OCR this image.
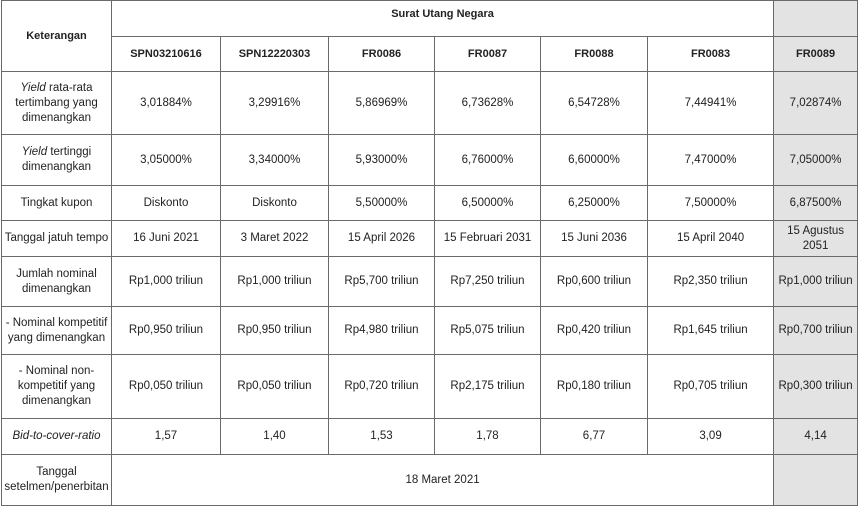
Keterangan	Surat Utang Negara						
	SPN03210616	SPN12220303	FR0086	FR0087	FR0088	FR0083	FR0089
Yield rata-rata tertimbang yang dimenangkan	3,01884%	3,29916%	5,86969%	6,73628%	6,54728%	7,44941%	7,02874%
Yield tertinggi dimenangkan	3,05000%	3,34000%	5,93000%	6,76000%	6,60000%	7,47000%	7,05000%
Tingkat kupon	Diskonto	Diskonto	5,50000%	6,50000%	6,25000%	7,50000%	6,87500%
Tanggal jatuh tempo	16 Juni 2021	3 Maret 2022	15 April 2026	15 Februari 2031	15 Juni 2036	15 April 2040	15 Agustus 2051
Jumlah nominal dimenangkan	Rp1,000 triliun	Rp1,000 triliun	Rp5,700 triliun	Rp7,250 triliun	Rp0,600 triliun	Rp2,350 triliun	Rp1,000 triliun
- Nominal kompetitif yang dimenangkan	Rp0,950 triliun	Rp0,950 triliun	Rp4,980 triliun	Rp5,075 triliun	Rp0,420 triliun	Rp1,645 triliun	Rp0,700 triliun
- Nominal non-kompetitif yang dimenangkan	Rp0,050 triliun	Rp0,050 triliun	Rp0,720 triliun	Rp2,175 triliun	Rp0,180 triliun	Rp0,705 triliun	Rp0,300 triliun
Bid-to-cover-ratio	1,57	1,40	1,53	1,78	6,77	3,09	4,14
Tanggal setelmen/penerbitan	18 Maret 2021						
